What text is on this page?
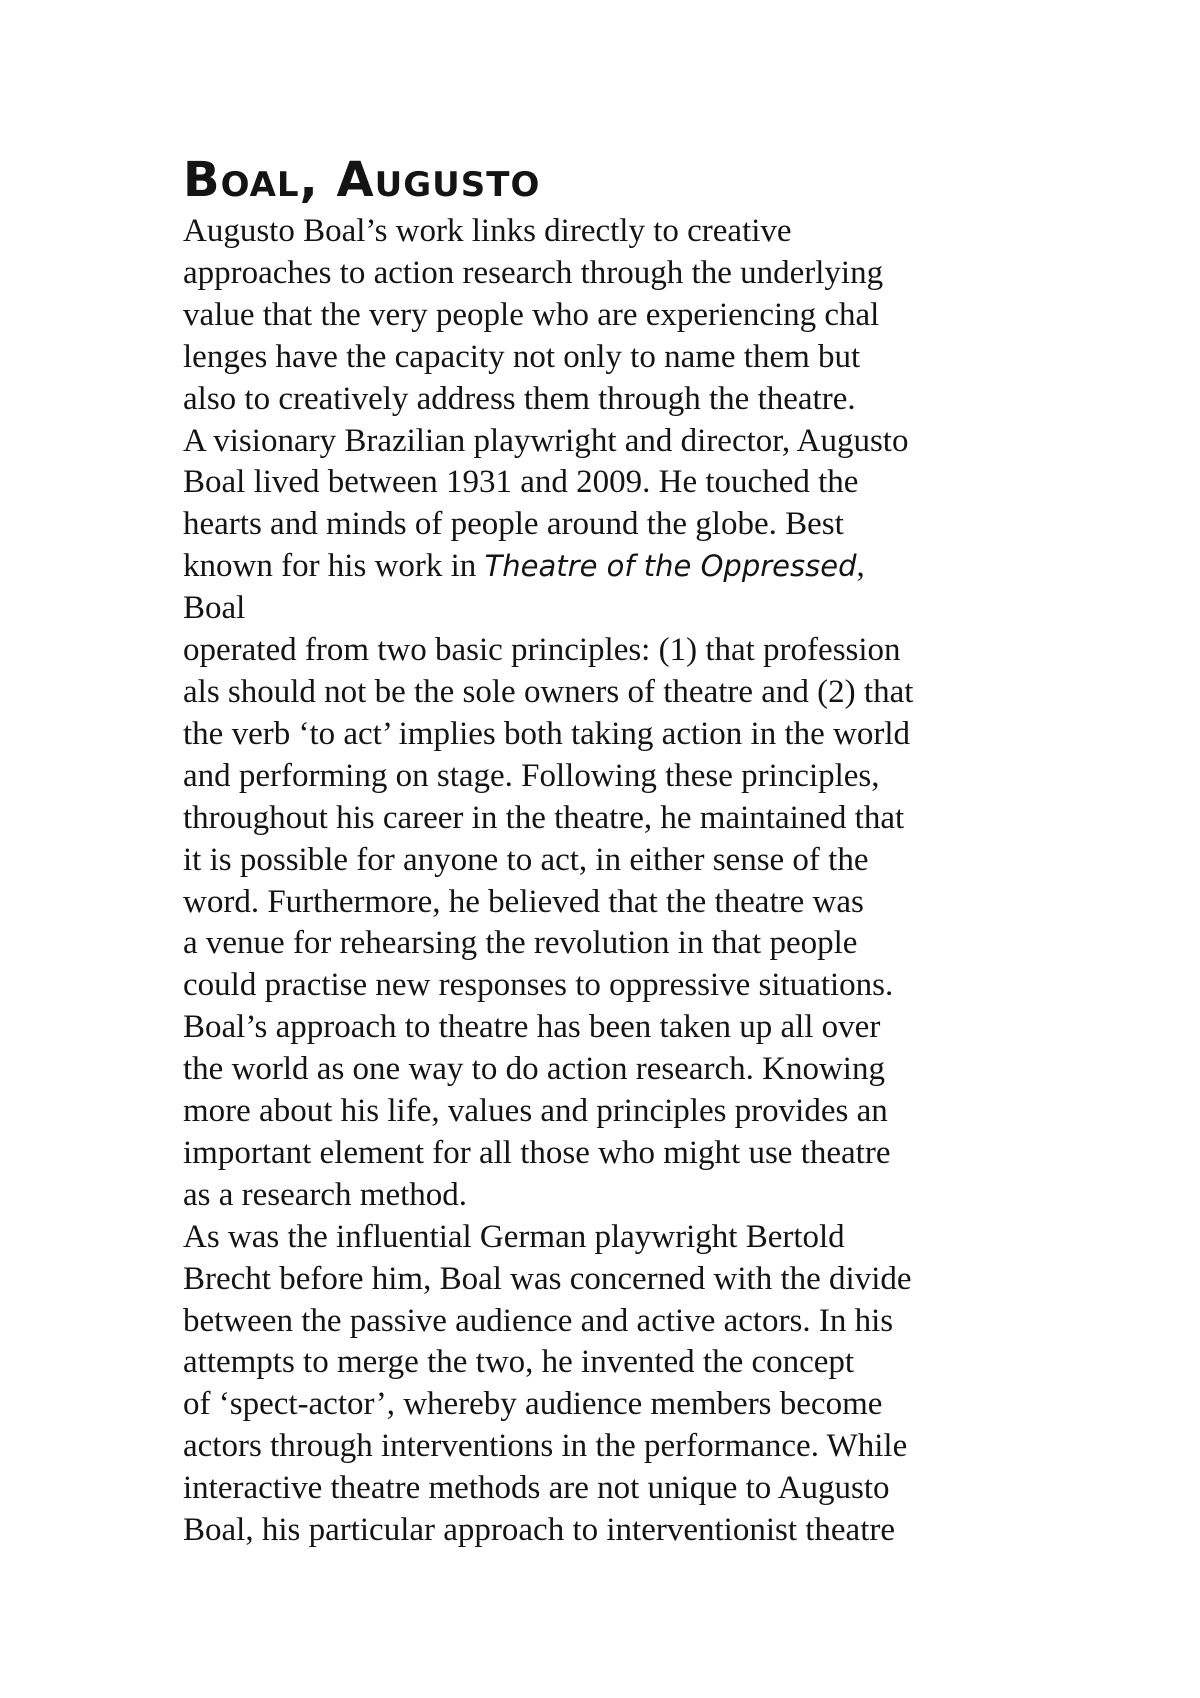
Boal, Augusto
Augusto Boal’s work links directly to creative
approaches to action research through the underlying
value that the very people who are experiencing chal
lenges have the capacity not only to name them but
also to creatively address them through the theatre.
A visionary Brazilian playwright and director, Augusto
Boal lived between 1931 and 2009. He touched the
hearts and minds of people around the globe. Best
known for his work in Theatre of the Oppressed,
Boal
operated from two basic principles: (1) that profession
als should not be the sole owners of theatre and (2) that
the verb ‘to act’ implies both taking action in the world
and performing on stage. Following these principles,
throughout his career in the theatre, he maintained that
it is possible for anyone to act, in either sense of the
word. Furthermore, he believed that the theatre was
a venue for rehearsing the revolution in that people
could practise new responses to oppressive situations.
Boal’s approach to theatre has been taken up all over
the world as one way to do action research. Knowing
more about his life, values and principles provides an
important element for all those who might use theatre
as a research method.
As was the influential German playwright Bertold
Brecht before him, Boal was concerned with the divide
between the passive audience and active actors. In his
attempts to merge the two, he invented the concept
of ‘spect-actor’, whereby audience members become
actors through interventions in the performance. While
interactive theatre methods are not unique to Augusto
Boal, his particular approach to interventionist theatre
